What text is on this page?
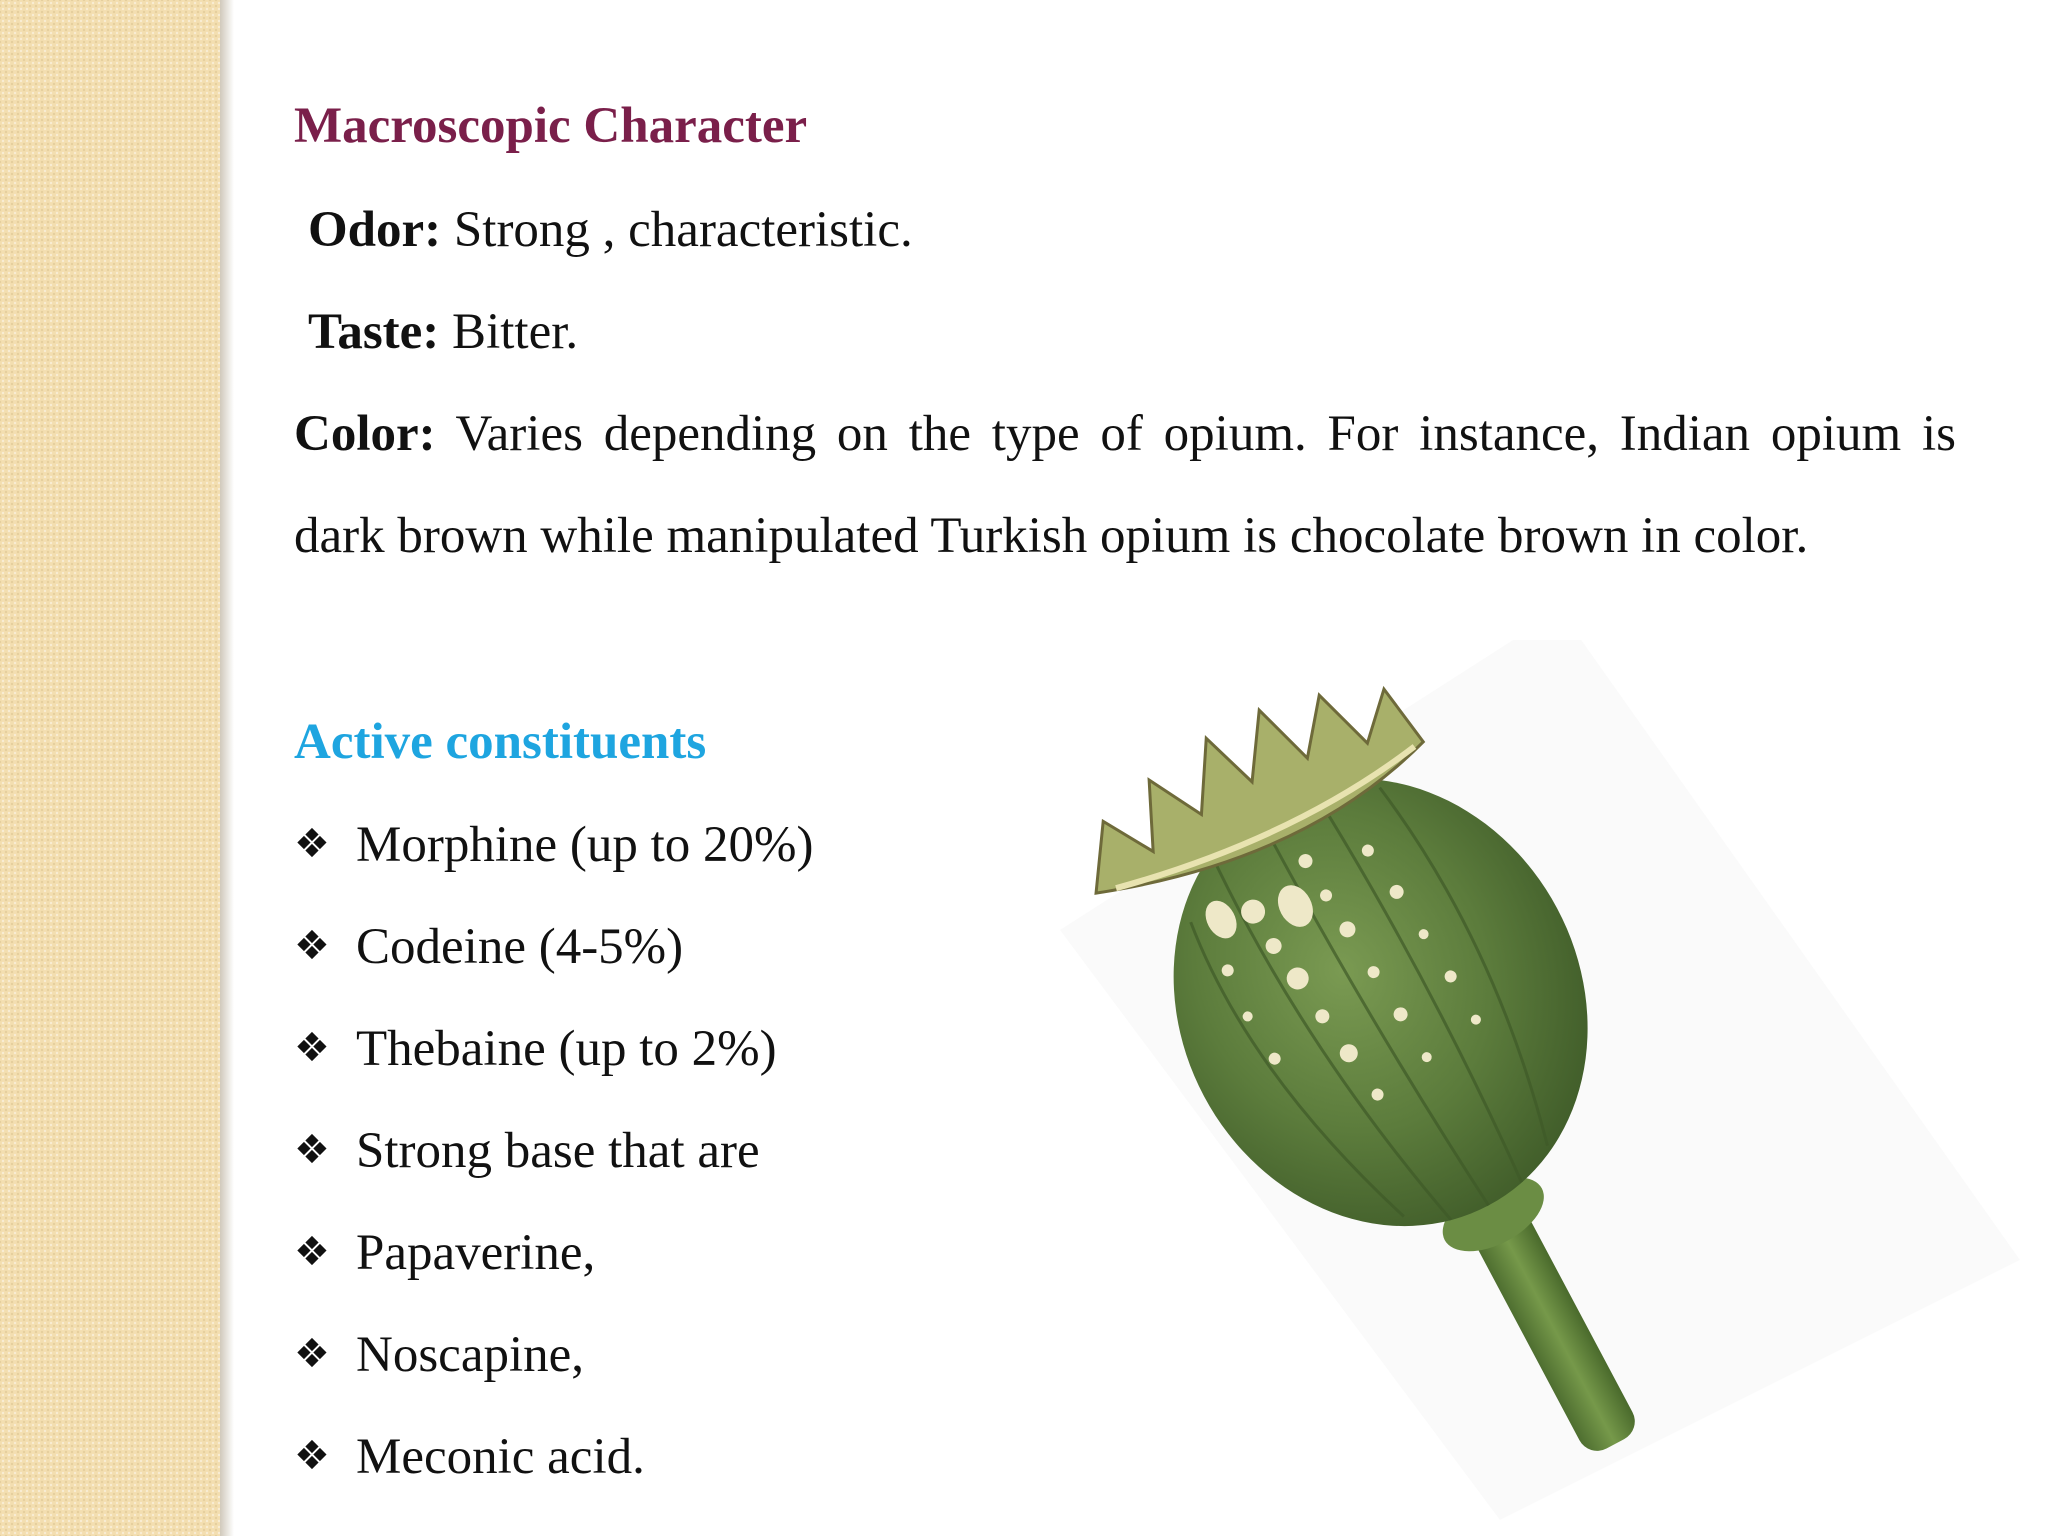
Macroscopic Character
Odor: Strong , characteristic.
Taste: Bitter.
Color: Varies depending on the type of opium. For instance, Indian opium is dark brown while manipulated Turkish opium is chocolate brown in color.
Active constituents
❖ Morphine (up to 20%)
❖ Codeine (4-5%)
❖ Thebaine (up to 2%)
❖ Strong base that are
❖ Papaverine,
❖ Noscapine,
❖ Meconic acid.
